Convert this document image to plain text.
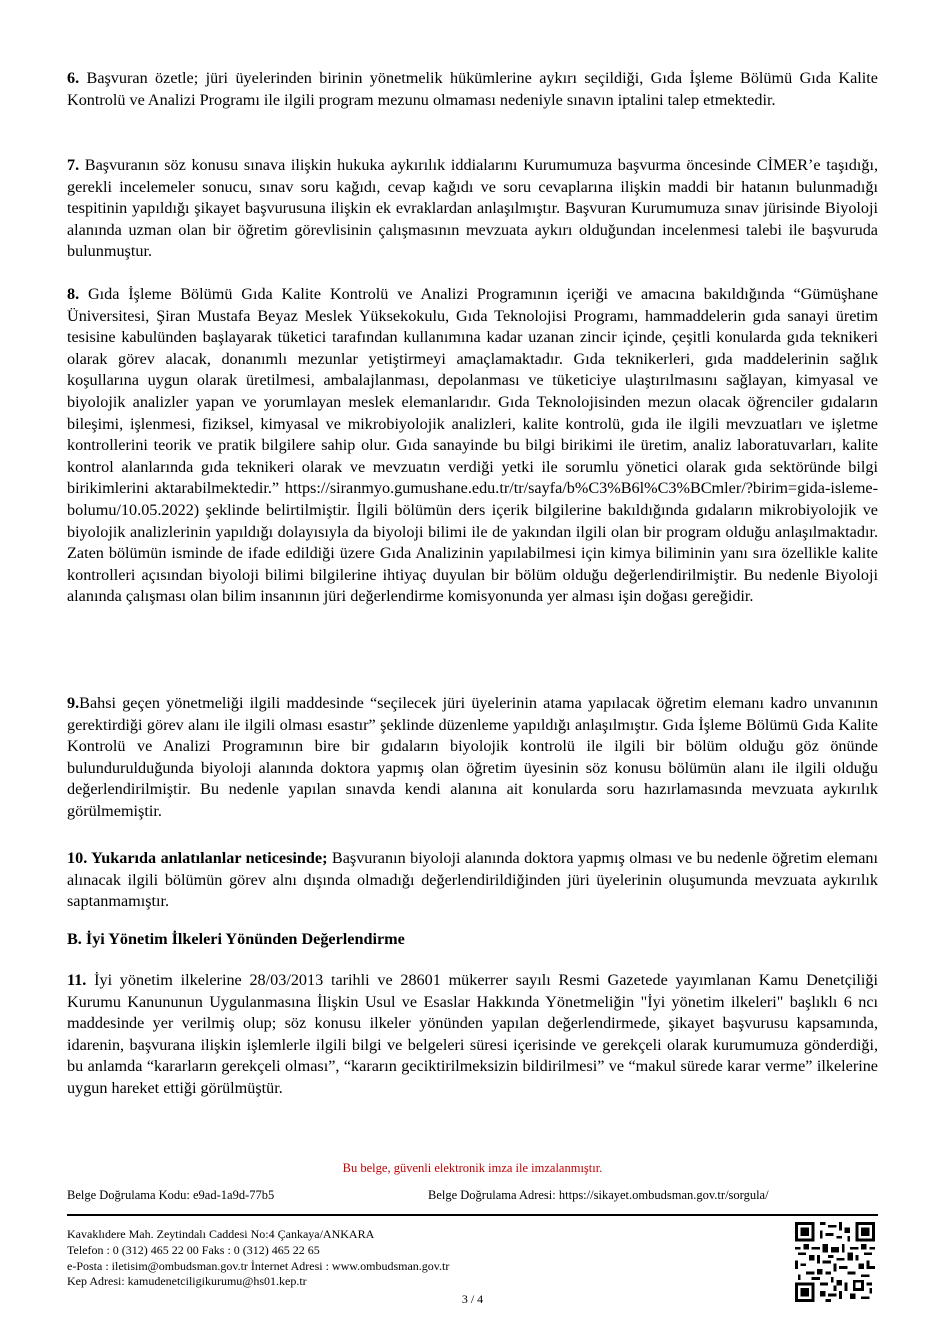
6. Başvuran özetle; jüri üyelerinden birinin yönetmelik hükümlerine aykırı seçildiği, Gıda İşleme Bölümü Gıda Kalite Kontrolü ve Analizi Programı ile ilgili program mezunu olmaması nedeniyle sınavın iptalini talep etmektedir.

7. Başvuranın söz konusu sınava ilişkin hukuka aykırılık iddialarını Kurumumuza başvurma öncesinde CİMER’e taşıdığı, gerekli incelemeler sonucu, sınav soru kağıdı, cevap kağıdı ve soru cevaplarına ilişkin maddi bir hatanın bulunmadığı tespitinin yapıldığı şikayet başvurusuna ilişkin ek evraklardan anlaşılmıştır. Başvuran Kurumumuza sınav jürisinde Biyoloji alanında uzman olan bir öğretim görevlisinin çalışmasının mevzuata aykırı olduğundan incelenmesi talebi ile başvuruda bulunmuştur.

8. Gıda İşleme Bölümü Gıda Kalite Kontrolü ve Analizi Programının içeriği ve amacına bakıldığında “Gümüşhane Üniversitesi, Şiran Mustafa Beyaz Meslek Yüksekokulu, Gıda Teknolojisi Programı, hammaddelerin gıda sanayi üretim tesisine kabulünden başlayarak tüketici tarafından kullanımına kadar uzanan zincir içinde, çeşitli konularda gıda teknikeri olarak görev alacak, donanımlı mezunlar yetiştirmeyi amaçlamaktadır. Gıda teknikerleri, gıda maddelerinin sağlık koşullarına uygun olarak üretilmesi, ambalajlanması, depolanması ve tüketiciye ulaştırılmasını sağlayan, kimyasal ve biyolojik analizler yapan ve yorumlayan meslek elemanlarıdır. Gıda Teknolojisinden mezun olacak öğrenciler gıdaların bileşimi, işlenmesi, fiziksel, kimyasal ve mikrobiyolojik analizleri, kalite kontrolü, gıda ile ilgili mevzuatları ve işletme kontrollerini teorik ve pratik bilgilere sahip olur. Gıda sanayinde bu bilgi birikimi ile üretim, analiz laboratuvarları, kalite kontrol alanlarında gıda teknikeri olarak ve mevzuatın verdiği yetki ile sorumlu yönetici olarak gıda sektöründe bilgi birikimlerini aktarabilmektedir.” https://siranmyo.gumushane.edu.tr/tr/sayfa/b%C3%B6l%C3%BCmler/?birim=gida-isleme-bolumu/10.05.2022) şeklinde belirtilmiştir. İlgili bölümün ders içerik bilgilerine bakıldığında gıdaların mikrobiyolojik ve biyolojik analizlerinin yapıldığı dolayısıyla da biyoloji bilimi ile de yakından ilgili olan bir program olduğu anlaşılmaktadır. Zaten bölümün isminde de ifade edildiği üzere Gıda Analizinin yapılabilmesi için kimya biliminin yanı sıra özellikle kalite kontrolleri açısından biyoloji bilimi bilgilerine ihtiyaç duyulan bir bölüm olduğu değerlendirilmiştir. Bu nedenle Biyoloji alanında çalışması olan bilim insanının jüri değerlendirme komisyonunda yer alması işin doğası gereğidir.

9.Bahsi geçen yönetmeliği ilgili maddesinde “seçilecek jüri üyelerinin atama yapılacak öğretim elemanı kadro unvanının gerektirdiği görev alanı ile ilgili olması esastır” şeklinde düzenleme yapıldığı anlaşılmıştır. Gıda İşleme Bölümü Gıda Kalite Kontrolü ve Analizi Programının bire bir gıdaların biyolojik kontrolü ile ilgili bir bölüm olduğu göz önünde bulundurulduğunda biyoloji alanında doktora yapmış olan öğretim üyesinin söz konusu bölümün alanı ile ilgili olduğu değerlendirilmiştir. Bu nedenle yapılan sınavda kendi alanına ait konularda soru hazırlamasında mevzuata aykırılık görülmemiştir.

10. Yukarıda anlatılanlar neticesinde; Başvuranın biyoloji alanında doktora yapmış olması ve bu nedenle öğretim elemanı alınacak ilgili bölümün görev alnı dışında olmadığı değerlendirildiğinden jüri üyelerinin oluşumunda mevzuata aykırılık saptanmamıştır.

B. İyi Yönetim İlkeleri Yönünden Değerlendirme

11. İyi yönetim ilkelerine 28/03/2013 tarihli ve 28601 mükerrer sayılı Resmi Gazetede yayımlanan Kamu Denetçiliği Kurumu Kanununun Uygulanmasına İlişkin Usul ve Esaslar Hakkında Yönetmeliğin "İyi yönetim ilkeleri" başlıklı 6 ncı maddesinde yer verilmiş olup; söz konusu ilkeler yönünden yapılan değerlendirmede, şikayet başvurusu kapsamında, idarenin, başvurana ilişkin işlemlerle ilgili bilgi ve belgeleri süresi içerisinde ve gerekçeli olarak kurumumuza gönderdiği, bu anlamda “kararların gerekçeli olması”, “kararın geciktirilmeksizin bildirilmesi” ve “makul sürede karar verme” ilkelerine uygun hareket ettiği görülmüştür.

Bu belge, güvenli elektronik imza ile imzalanmıştır.
Belge Doğrulama Kodu: e9ad-1a9d-77b5	Belge Doğrulama Adresi: https://sikayet.ombudsman.gov.tr/sorgula/
Kavaklıdere Mah. Zeytindalı Caddesi No:4 Çankaya/ANKARA
Telefon : 0 (312) 465 22 00 Faks : 0 (312) 465 22 65
e-Posta : iletisim@ombudsman.gov.tr İnternet Adresi : www.ombudsman.gov.tr
Kep Adresi: kamudenetciligikurumu@hs01.kep.tr
3 / 4
